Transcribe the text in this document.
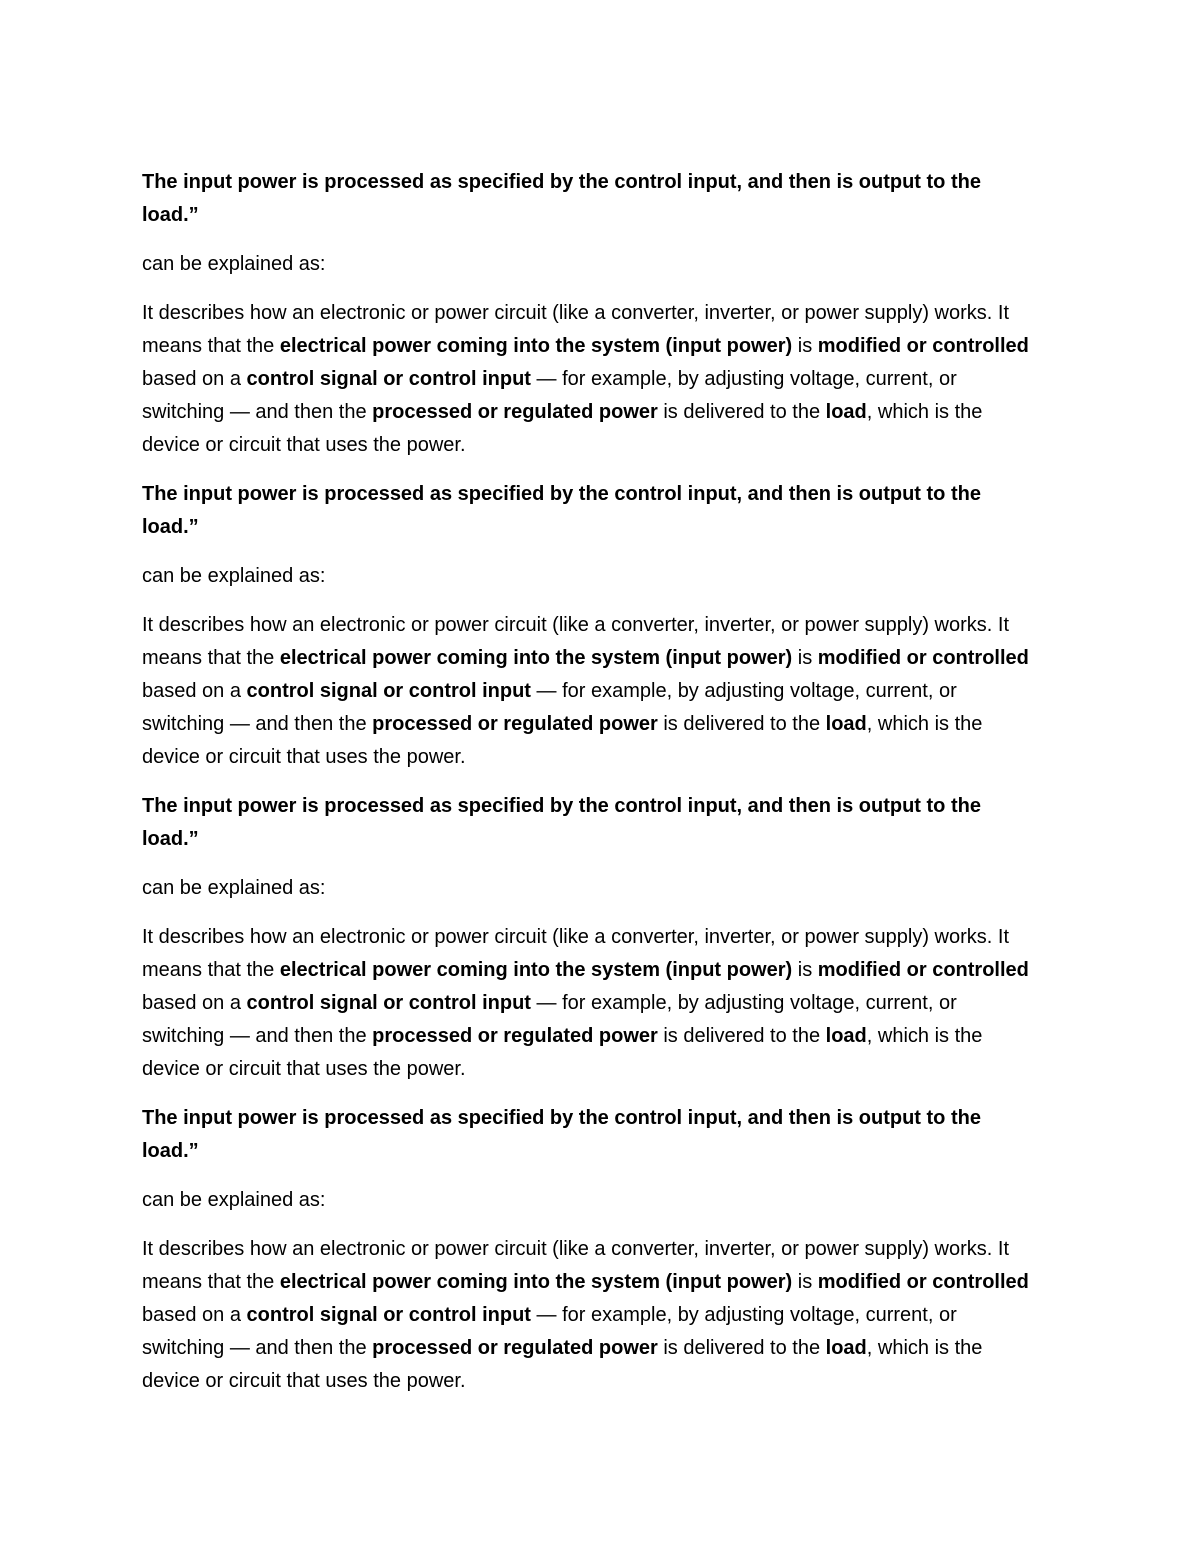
The input power is processed as specified by the control input, and then is output to the load.”

can be explained as:

It describes how an electronic or power circuit (like a converter, inverter, or power supply) works. It means that the electrical power coming into the system (input power) is modified or controlled based on a control signal or control input — for example, by adjusting voltage, current, or switching — and then the processed or regulated power is delivered to the load, which is the device or circuit that uses the power.

The input power is processed as specified by the control input, and then is output to the load.”

can be explained as:

It describes how an electronic or power circuit (like a converter, inverter, or power supply) works. It means that the electrical power coming into the system (input power) is modified or controlled based on a control signal or control input — for example, by adjusting voltage, current, or switching — and then the processed or regulated power is delivered to the load, which is the device or circuit that uses the power.

The input power is processed as specified by the control input, and then is output to the load.”

can be explained as:

It describes how an electronic or power circuit (like a converter, inverter, or power supply) works. It means that the electrical power coming into the system (input power) is modified or controlled based on a control signal or control input — for example, by adjusting voltage, current, or switching — and then the processed or regulated power is delivered to the load, which is the device or circuit that uses the power.

The input power is processed as specified by the control input, and then is output to the load.”

can be explained as:

It describes how an electronic or power circuit (like a converter, inverter, or power supply) works. It means that the electrical power coming into the system (input power) is modified or controlled based on a control signal or control input — for example, by adjusting voltage, current, or switching — and then the processed or regulated power is delivered to the load, which is the device or circuit that uses the power.
